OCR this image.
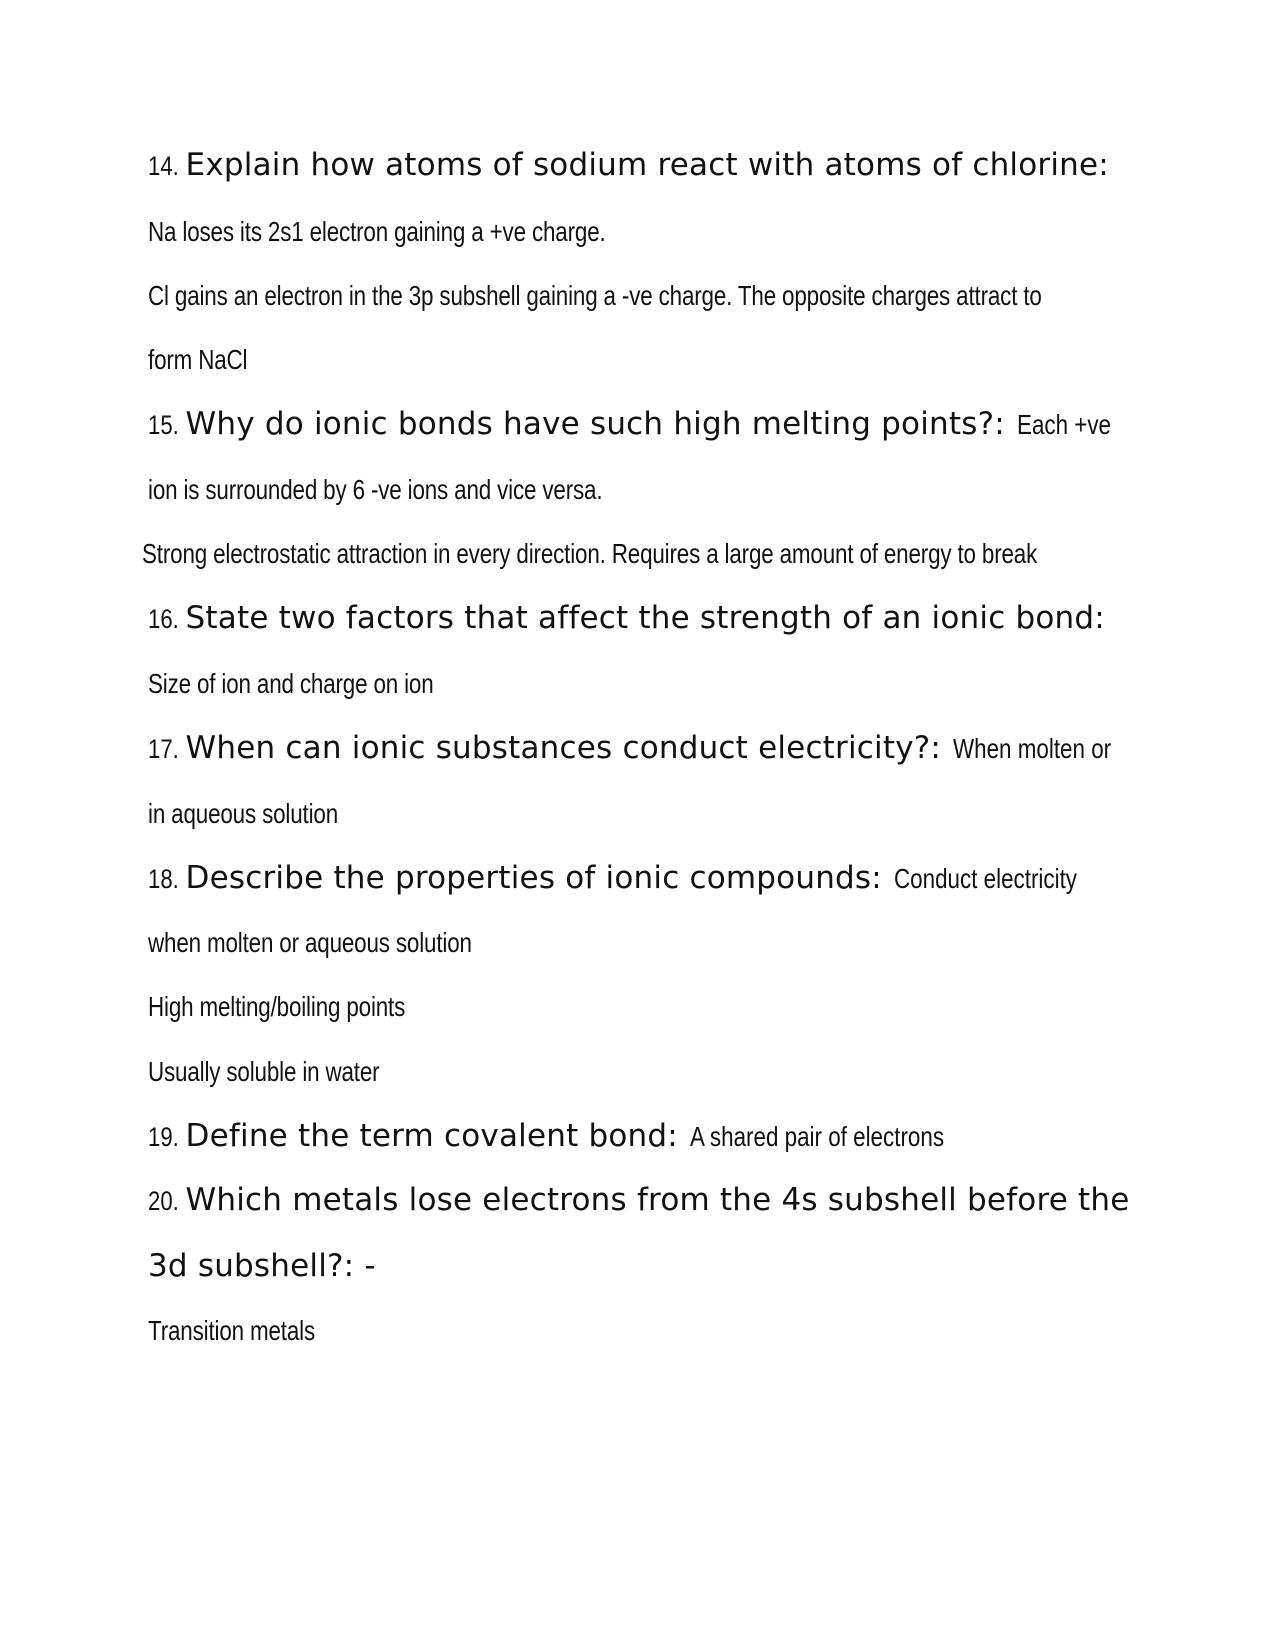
14. Explain how atoms of sodium react with atoms of chlorine:
Na loses its 2s1 electron gaining a +ve charge.
Cl gains an electron in the 3p subshell gaining a -ve charge. The opposite charges attract to
form NaCl
15. Why do ionic bonds have such high melting points?: Each +ve
ion is surrounded by 6 -ve ions and vice versa.
Strong electrostatic attraction in every direction. Requires a large amount of energy to break
16. State two factors that affect the strength of an ionic bond:
Size of ion and charge on ion
17. When can ionic substances conduct electricity?: When molten or
in aqueous solution
18. Describe the properties of ionic compounds: Conduct electricity
when molten or aqueous solution
High melting/boiling points
Usually soluble in water
19. Define the term covalent bond: A shared pair of electrons
20. Which metals lose electrons from the 4s subshell before the
3d subshell?: -
Transition metals
